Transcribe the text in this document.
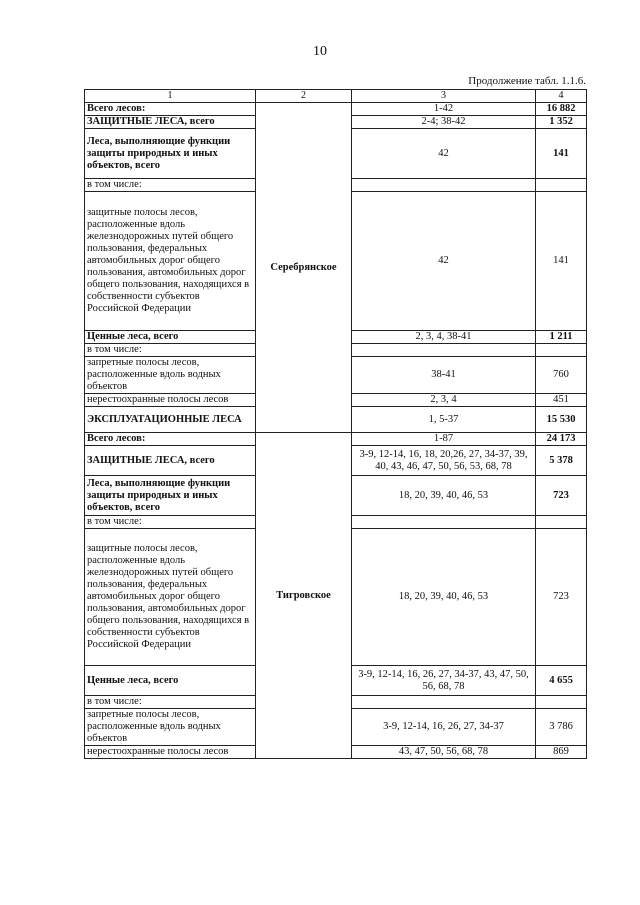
10
Продолжение табл. 1.1.6.
1	2	3	4
Всего лесов:	Серебрянское	1-42	16 882
ЗАЩИТНЫЕ ЛЕСА, всего		2-4; 38-42	1 352
Леса, выполняющие функции защиты природных и иных объектов, всего		42	141
в том числе:			
защитные полосы лесов, расположенные вдоль железнодорожных путей общего пользования, федеральных автомобильных дорог общего пользования, автомобильных дорог общего пользования, находящихся в собственности субъектов Российской Федерации		42	141
Ценные леса, всего		2, 3, 4, 38-41	1 211
в том числе:			
запретные полосы лесов, расположенные вдоль водных объектов		38-41	760
нерестоохранные полосы лесов		2, 3, 4	451
ЭКСПЛУАТАЦИОННЫЕ ЛЕСА		1, 5-37	15 530
Всего лесов:	Тигровское	1-87	24 173
ЗАЩИТНЫЕ ЛЕСА, всего		3-9, 12-14, 16, 18, 20,26, 27, 34-37, 39, 40, 43, 46, 47, 50, 56, 53, 68, 78	5 378
Леса, выполняющие функции защиты природных и иных объектов, всего		18, 20, 39, 40, 46, 53	723
в том числе:			
защитные полосы лесов, расположенные вдоль железнодорожных путей общего пользования, федеральных автомобильных дорог общего пользования, автомобильных дорог общего пользования, находящихся в собственности субъектов Российской Федерации		18, 20, 39, 40, 46, 53	723
Ценные леса, всего		3-9, 12-14, 16, 26, 27, 34-37, 43, 47, 50, 56, 68, 78	4 655
в том числе:			
запретные полосы лесов, расположенные вдоль водных объектов		3-9, 12-14, 16, 26, 27, 34-37	3 786
нерестоохранные полосы лесов		43, 47, 50, 56, 68, 78	869
